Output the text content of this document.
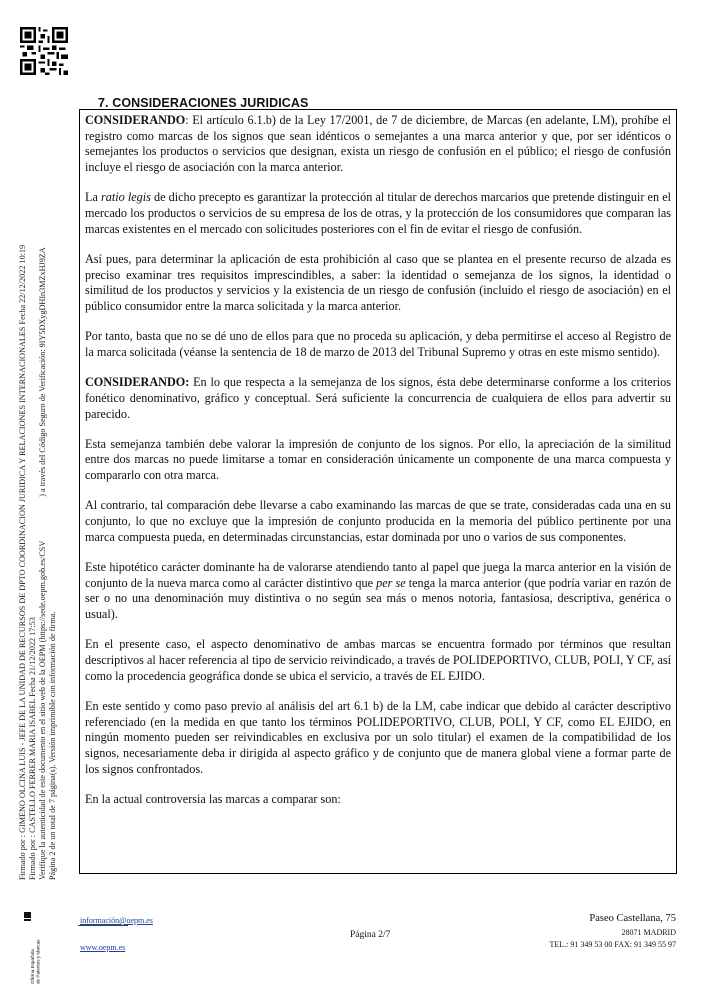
7. CONSIDERACIONES JURIDICAS

CONSIDERANDO: El artículo 6.1.b) de la Ley 17/2001, de 7 de diciembre, de Marcas (en adelante, LM), prohíbe el registro como marcas de los signos que sean idénticos o semejantes a una marca anterior y que, por ser idénticos o semejantes los productos o servicios que designan, exista un riesgo de confusión en el público; el riesgo de confusión incluye el riesgo de asociación con la marca anterior.

La ratio legis de dicho precepto es garantizar la protección al titular de derechos marcarios que pretende distinguir en el mercado los productos o servicios de su empresa de los de otras, y la protección de los consumidores que comparan las marcas existentes en el mercado con solicitudes posteriores con el fin de evitar el riesgo de confusión.

Así pues, para determinar la aplicación de esta prohibición al caso que se plantea en el presente recurso de alzada es preciso examinar tres requisitos imprescindibles, a saber: la identidad o semejanza de los signos, la identidad o similitud de los productos y servicios y la existencia de un riesgo de confusión (incluido el riesgo de asociación) en el público consumidor entre la marca solicitada y la marca anterior.

Por tanto, basta que no se dé uno de ellos para que no proceda su aplicación, y deba permitirse el acceso al Registro de la marca solicitada (véanse la sentencia de 18 de marzo de 2013 del Tribunal Supremo y otras en este mismo sentido).

CONSIDERANDO: En lo que respecta a la semejanza de los signos, ésta debe determinarse conforme a los criterios fonético denominativo, gráfico y conceptual. Será suficiente la concurrencia de cualquiera de ellos para advertir su parecido.

Esta semejanza también debe valorar la impresión de conjunto de los signos. Por ello, la apreciación de la similitud entre dos marcas no puede limitarse a tomar en consideración únicamente un componente de una marca compuesta y compararlo con otra marca.

Al contrario, tal comparación debe llevarse a cabo examinando las marcas de que se trate, consideradas cada una en su conjunto, lo que no excluye que la impresión de conjunto producida en la memoria del público pertinente por una marca compuesta pueda, en determinadas circunstancias, estar dominada por uno o varios de sus componentes.

Este hipotético carácter dominante ha de valorarse atendiendo tanto al papel que juega la marca anterior en la visión de conjunto de la nueva marca como al carácter distintivo que per se tenga la marca anterior (que podría variar en razón de ser o no una denominación muy distintiva o no según sea más o menos notoria, fantasiosa, descriptiva, genérica o usual).

En el presente caso, el aspecto denominativo de ambas marcas se encuentra formado por términos que resultan descriptivos al hacer referencia al tipo de servicio reivindicado, a través de POLIDEPORTIVO, CLUB, POLI, Y CF, así como la procedencia geográfica donde se ubica el servicio, a través de EL EJIDO.

En este sentido y como paso previo al análisis del art 6.1 b) de la LM, cabe indicar que debido al carácter descriptivo referenciado (en la medida en que tanto los términos POLIDEPORTIVO, CLUB, POLI, Y CF, como EL EJIDO, en ningún momento pueden ser reivindicables en exclusiva por un solo titular) el examen de la compatibilidad de los signos, necesariamente deba ir dirigida al aspecto gráfico y de conjunto que de manera global viene a formar parte de los signos confrontados.

En la actual controversia las marcas a comparar son:

Firmado por : GIMENO OLCINA LUIS - JEFE DE LA UNIDAD DE RECURSOS DE DPTO COORDINACION JURIDICA Y RELACIONES INTERNACIONALES Fecha 22/12/2022 10:19 Firmado por : CASTELLO FERRER MARIA ISABEL Fecha 21/12/2022 17:53 Verifique la autenticidad de este documento en el sitio web de la OEPM (https://sede.oepm.gob.es/CSV  ) a través del Código Seguro de Verificación: 9IY5DXygDHIn3MZxHJ9ZA
Página 2 de un total de 7 página(s). Versión imprimible con información de firma.
Oficina Española de Patentes y Marcas
información@oepm.es
www.oepm.es
Página 2/7
Paseo Castellana, 75
28071 MADRID
TEL.: 91 349 53 00 FAX: 91 349 55 97
